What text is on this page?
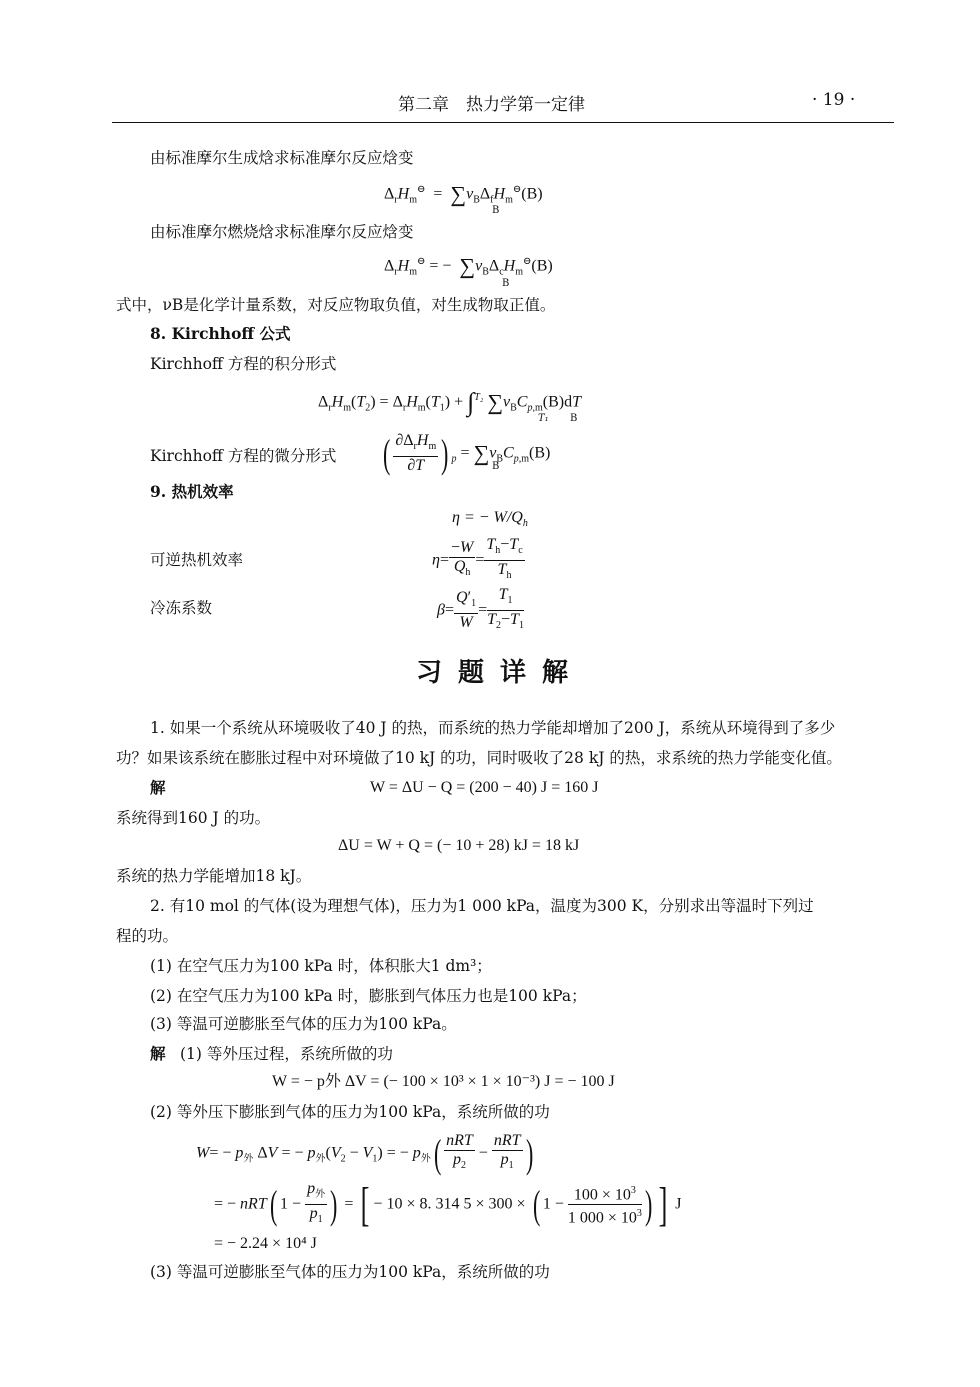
第二章　热力学第一定律	· 19 ·
由标准摩尔生成焓求标准摩尔反应焓变
$\Delta_rH_m^⊖ = \sum\nu_B\Delta_fH_m^⊖(B)$
B
由标准摩尔燃烧焓求标准摩尔反应焓变
$\Delta_rH_m^⊖$ = −  $\sum\nu_B\Delta_cH_m^⊖(B)$
B
式中，νB是化学计量系数，对反应物取负值，对生成物取正值。
8. Kirchhoff 公式
Kirchhoff 方程的积分形式
$\Delta_rH_m(T_2) = \Delta_rH_m(T_1) + \int^{T_2}$ $\sum\nu_BC_{p,m}(B)dT$
T₁ B
Kirchhoff 方程的微分形式 ( $\frac{\partial\Delta_rH_m}{\partial T}$ ) $_p = \sum\nu_BC_{p,m}(B)$
B
9. 热机效率
η = − $W/Q_h$
可逆热机效率	$\eta= \frac{-W}{Q_h} = \frac{T_h-T_c}{T_h}$
冷冻系数	$\beta= \frac{Q'_1}{W} = \frac{T_1}{T_2-T_1}$
习题详解
1. 如果一个系统从环境吸收了40 J 的热，而系统的热力学能却增加了200 J，系统从环境得到了多少
功？如果该系统在膨胀过程中对环境做了10 kJ 的功，同时吸收了28 kJ 的热，求系统的热力学能变化值。
解	W = ΔU − Q = (200 − 40) J = 160 J
系统得到160 J 的功。
ΔU = W + Q = (− 10 + 28) kJ = 18 kJ
系统的热力学能增加18 kJ。
2. 有10 mol 的气体(设为理想气体)，压力为1 000 kPa，温度为300 K，分别求出等温时下列过
程的功。
(1) 在空气压力为100 kPa 时，体积胀大1 dm³；
(2) 在空气压力为100 kPa 时，膨胀到气体压力也是100 kPa；
(3) 等温可逆膨胀至气体的压力为100 kPa。
解 (1) 等外压过程，系统所做的功
W = − p外 ΔV = (− 100 × 10³ × 1 × 10⁻³) J = − 100 J
(2) 等外压下膨胀到气体的压力为100 kPa，系统所做的功
$W= - p_外$ ΔV = − $p_外(V_2 - V_1)$ = − $p_外( \frac{\text{nRT}}{p_2} - \frac{\text{nRT}}{p_1}$ )
= − nRT( $1 - \frac{p_外}{p_1}$ ) = [ − 10 × 8. 314 5 × 300 × ( $1 - \frac{100 \times 10^3}{1 000 \times 10^3}$ ) ] J
= − 2.24 × 10⁴ J
(3) 等温可逆膨胀至气体的压力为100 kPa，系统所做的功
